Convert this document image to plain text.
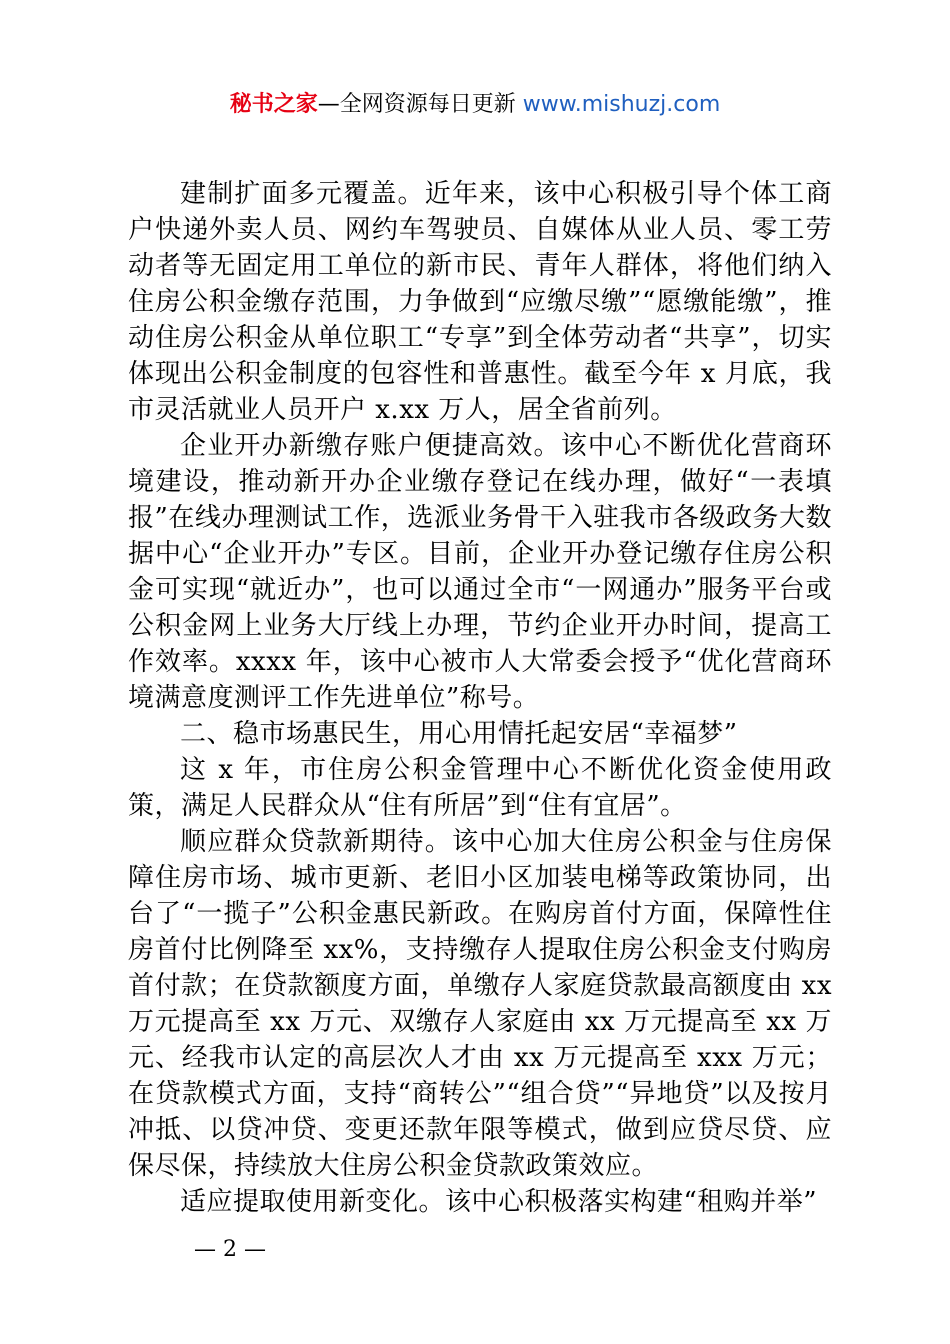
秘书之家—全网资源每日更新 www.mishuzj.com

建制扩面多元覆盖。近年来，该中心积极引导个体工商户快递外卖人员、网约车驾驶员、自媒体从业人员、零工劳动者等无固定用工单位的新市民、青年人群体，将他们纳入住房公积金缴存范围，力争做到“应缴尽缴”“愿缴能缴”，推动住房公积金从单位职工“专享”到全体劳动者“共享”，切实体现出公积金制度的包容性和普惠性。截至今年 x 月底，我市灵活就业人员开户 x.xx 万人，居全省前列。

企业开办新缴存账户便捷高效。该中心不断优化营商环境建设，推动新开办企业缴存登记在线办理，做好“一表填报”在线办理测试工作，选派业务骨干入驻我市各级政务大数据中心“企业开办”专区。目前，企业开办登记缴存住房公积金可实现“就近办”，也可以通过全市“一网通办”服务平台或公积金网上业务大厅线上办理，节约企业开办时间，提高工作效率。xxxx 年，该中心被市人大常委会授予“优化营商环境满意度测评工作先进单位”称号。

二、稳市场惠民生，用心用情托起安居“幸福梦”

这 x 年，市住房公积金管理中心不断优化资金使用政策，满足人民群众从“住有所居”到“住有宜居”。

顺应群众贷款新期待。该中心加大住房公积金与住房保障住房市场、城市更新、老旧小区加装电梯等政策协同，出台了“一揽子”公积金惠民新政。在购房首付方面，保障性住房首付比例降至 xx%，支持缴存人提取住房公积金支付购房首付款；在贷款额度方面，单缴存人家庭贷款最高额度由 xx 万元提高至 xx 万元、双缴存人家庭由 xx 万元提高至 xx 万元、经我市认定的高层次人才由 xx 万元提高至 xxx 万元；在贷款模式方面，支持“商转公”“组合贷”“异地贷”以及按月冲抵、以贷冲贷、变更还款年限等模式，做到应贷尽贷、应保尽保，持续放大住房公积金贷款政策效应。

适应提取使用新变化。该中心积极落实构建“租购并举”

— 2 —
